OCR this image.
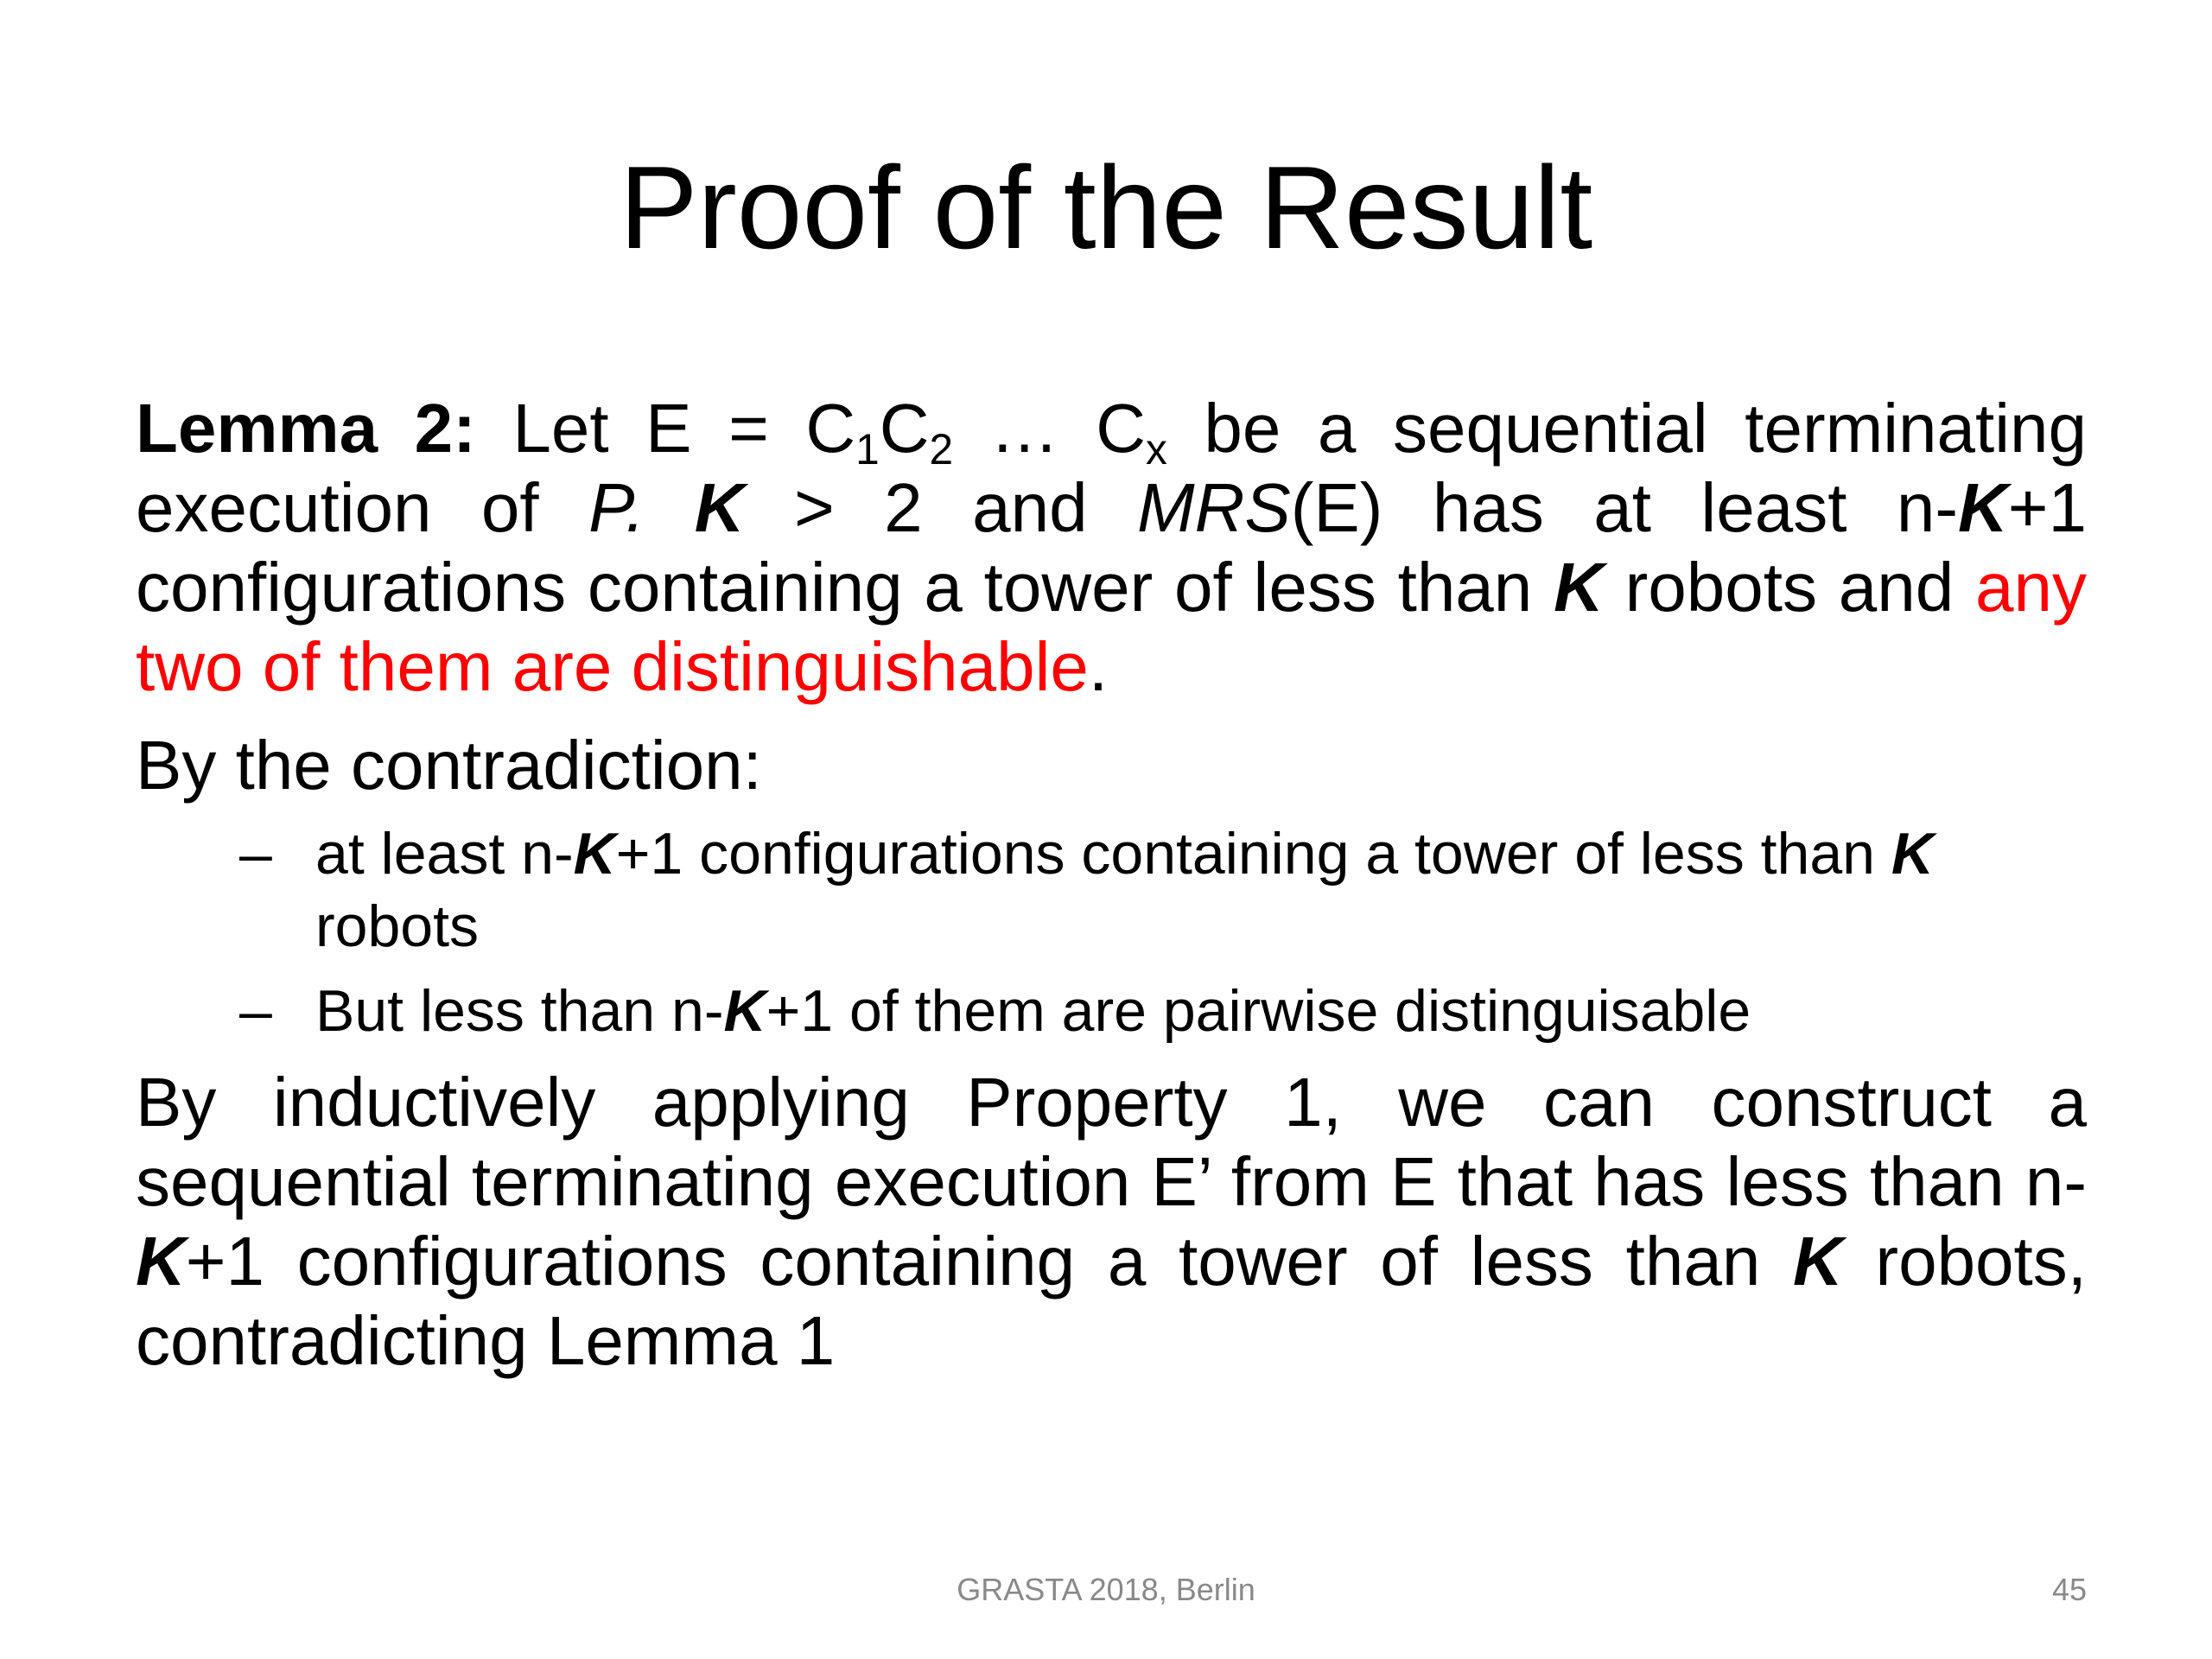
Proof of the Result

Lemma 2: Let $E = C_1C_2$ … $C_x$ be a sequential terminating execution of P. K > 2 and MRS(E) has at least n-K+1 configurations containing a tower of less than K robots and any two of them are distinguishable.

By the contradiction:

– at least n-K+1 configurations containing a tower of less than K robots
– But less than n-K+1 of them are pairwise distinguisable

By inductively applying Property 1, we can construct a sequential terminating execution E’ from E that has less than n-K+1 configurations containing a tower of less than K robots, contradicting Lemma 1

GRASTA 2018, Berlin	45
